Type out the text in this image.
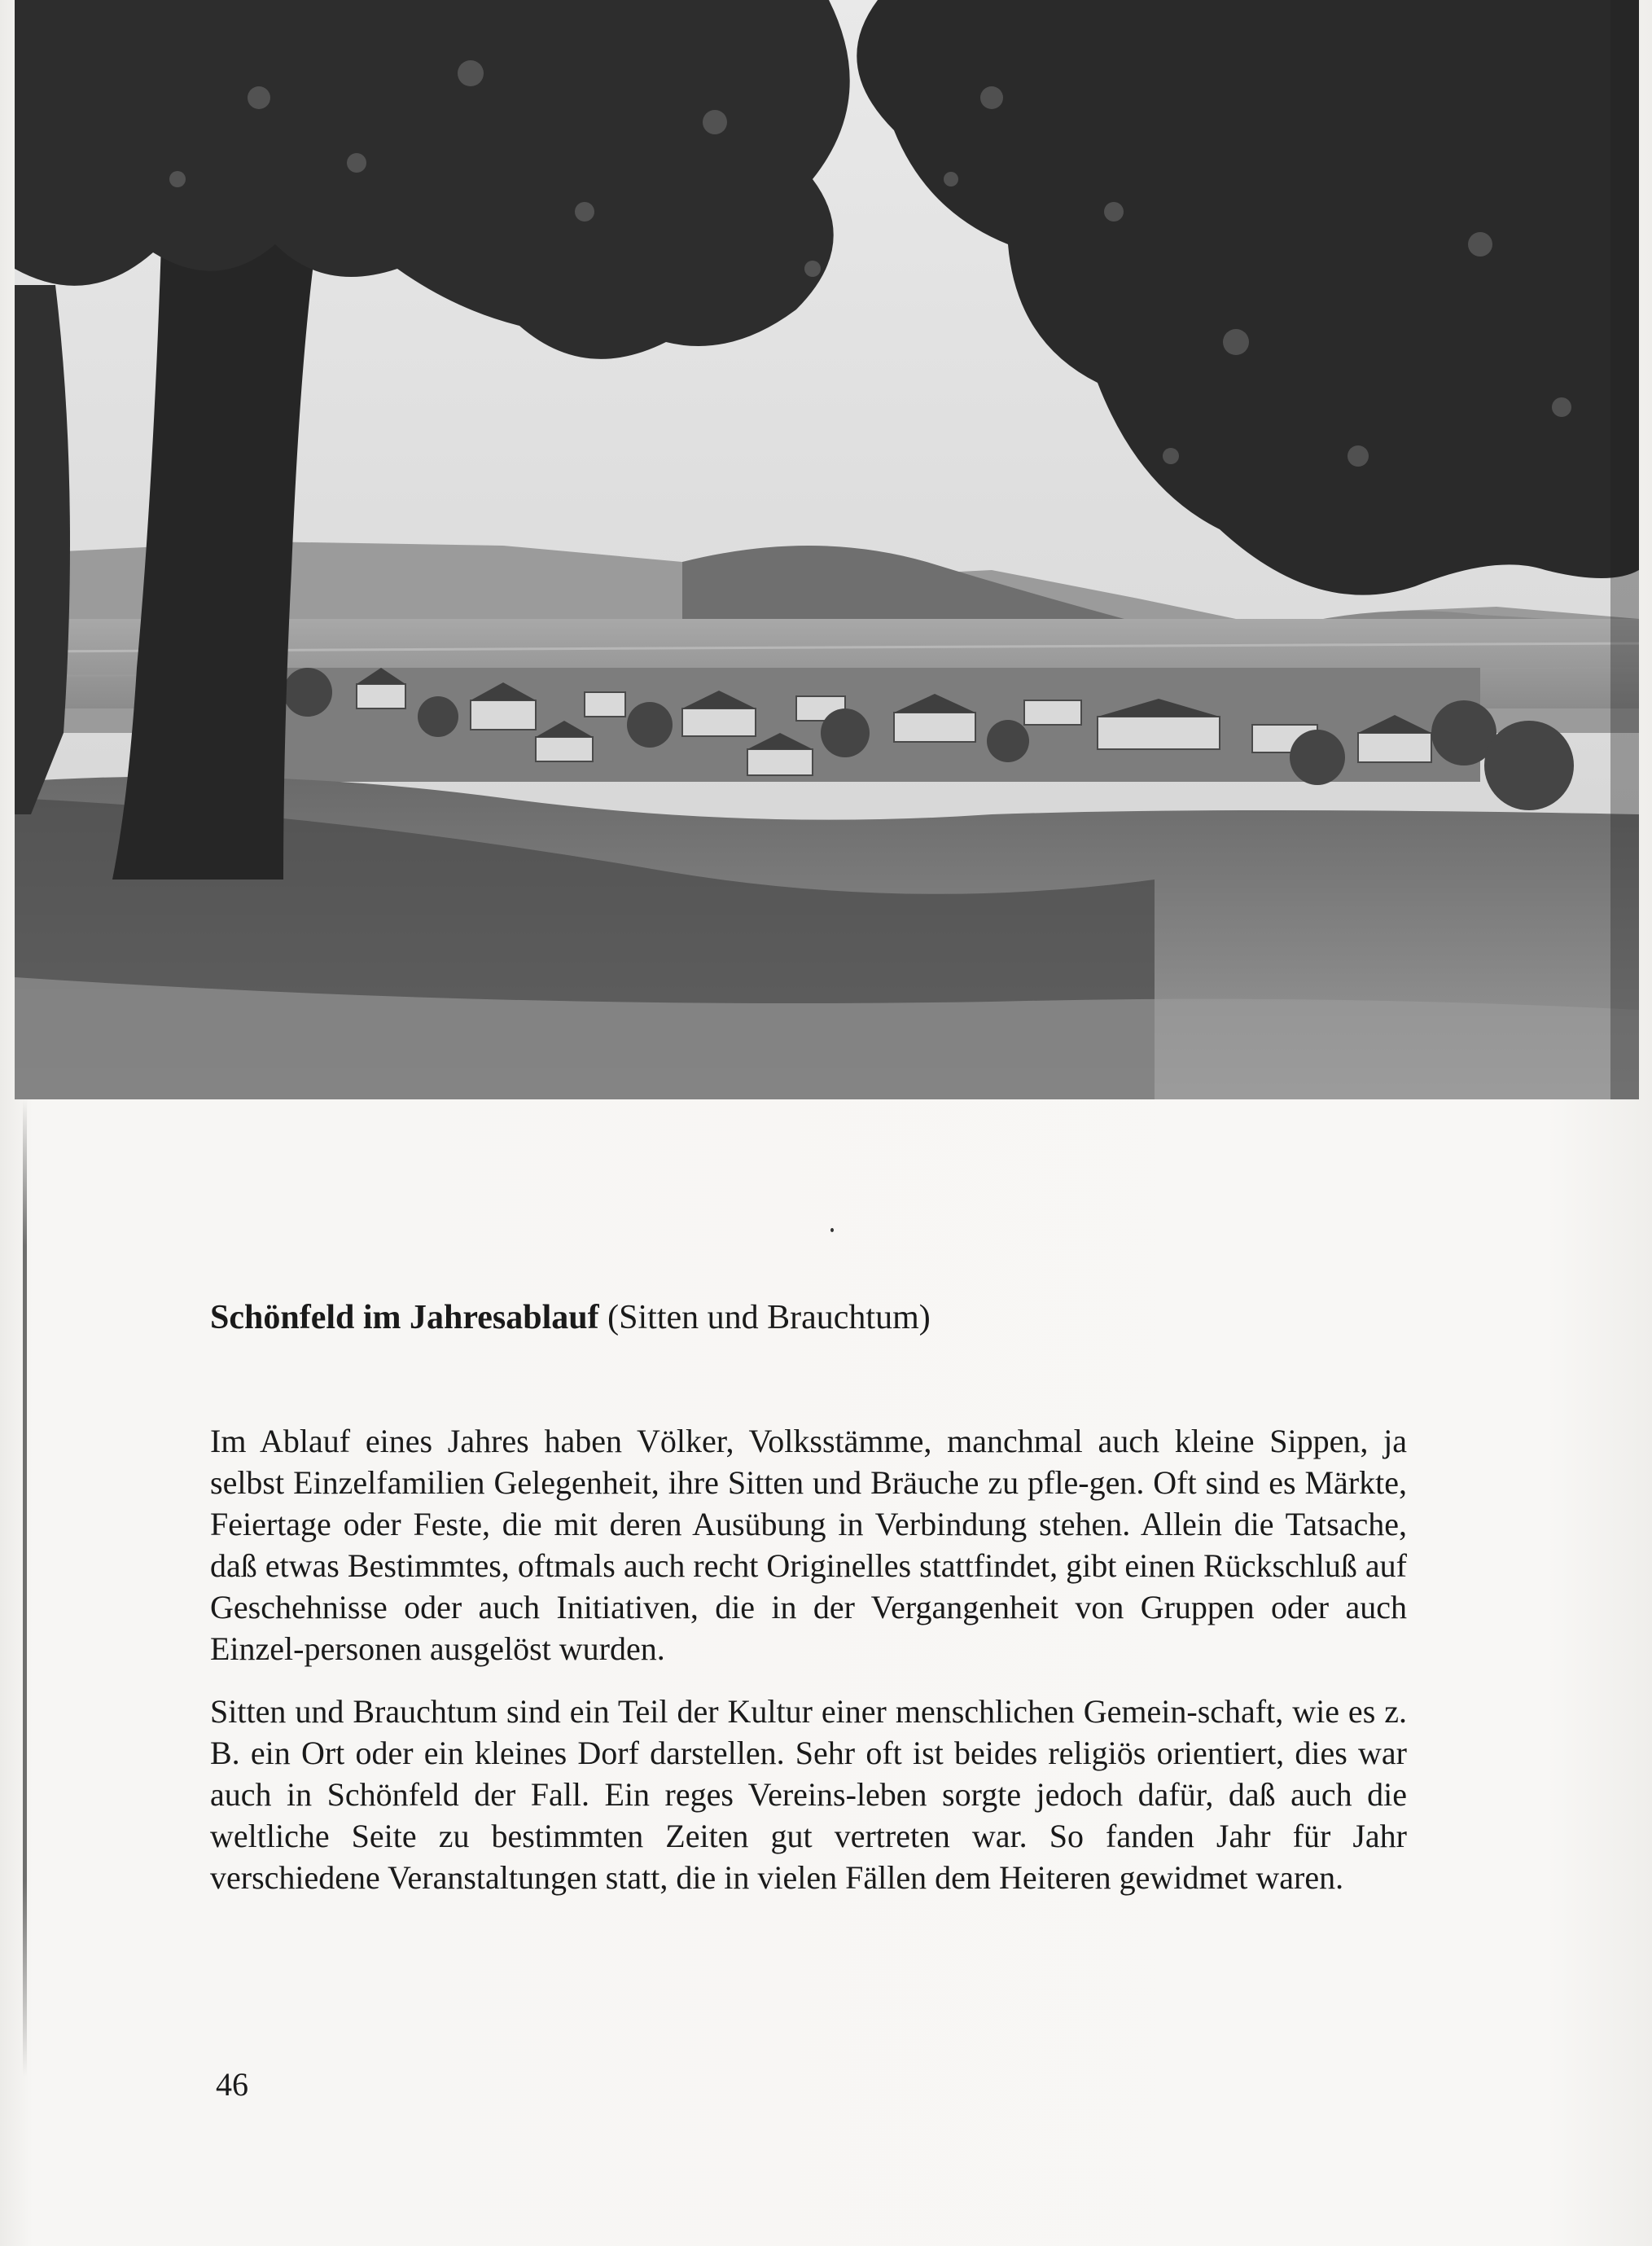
Schönfeld im Jahresablauf (Sitten und Brauchtum)

Im Ablauf eines Jahres haben Völker, Volksstämme, manchmal auch kleine Sippen, ja selbst Einzelfamilien Gelegenheit, ihre Sitten und Bräuche zu pfle-gen. Oft sind es Märkte, Feiertage oder Feste, die mit deren Ausübung in Verbindung stehen. Allein die Tatsache, daß etwas Bestimmtes, oftmals auch recht Originelles stattfindet, gibt einen Rückschluß auf Geschehnisse oder auch Initiativen, die in der Vergangenheit von Gruppen oder auch Einzel-personen ausgelöst wurden.

Sitten und Brauchtum sind ein Teil der Kultur einer menschlichen Gemein-schaft, wie es z. B. ein Ort oder ein kleines Dorf darstellen. Sehr oft ist beides religiös orientiert, dies war auch in Schönfeld der Fall. Ein reges Vereins-leben sorgte jedoch dafür, daß auch die weltliche Seite zu bestimmten Zeiten gut vertreten war. So fanden Jahr für Jahr verschiedene Veranstaltungen statt, die in vielen Fällen dem Heiteren gewidmet waren.

46
